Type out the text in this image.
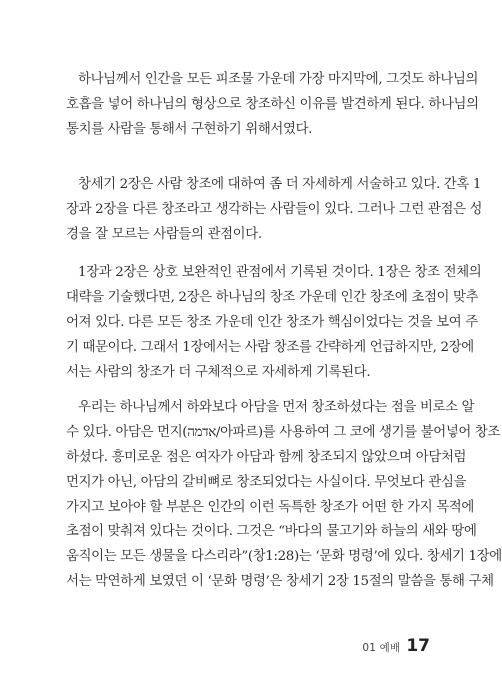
하나님께서 인간을 모든 피조물 가운데 가장 마지막에, 그것도 하나님의
호흡을 넣어 하나님의 형상으로 창조하신 이유를 발견하게 된다. 하나님의
통치를 사람을 통해서 구현하기 위해서였다.
창세기 2장은 사람 창조에 대하여 좀 더 자세하게 서술하고 있다. 간혹 1
장과 2장을 다른 창조라고 생각하는 사람들이 있다. 그러나 그런 관점은 성
경을 잘 모르는 사람들의 관점이다.
1장과 2장은 상호 보완적인 관점에서 기록된 것이다. 1장은 창조 전체의
대략을 기술했다면, 2장은 하나님의 창조 가운데 인간 창조에 초점이 맞추
어져 있다. 다른 모든 창조 가운데 인간 창조가 핵심이었다는 것을 보여 주
기 때문이다. 그래서 1장에서는 사람 창조를 간략하게 언급하지만, 2장에
서는 사람의 창조가 더 구체적으로 자세하게 기록된다.
우리는 하나님께서 하와보다 아담을 먼저 창조하셨다는 점을 비로소 알
수 있다. 아담은 먼지(אדמה/아파르)를 사용하여 그 코에 생기를 불어넣어 창조
하셨다. 흥미로운 점은 여자가 아담과 함께 창조되지 않았으며 아담처럼
먼지가 아닌, 아담의 갈비뼈로 창조되었다는 사실이다. 무엇보다 관심을
가지고 보아야 할 부분은 인간의 이런 독특한 창조가 어떤 한 가지 목적에
초점이 맞춰져 있다는 것이다. 그것은 “바다의 물고기와 하늘의 새와 땅에
움직이는 모든 생물을 다스리라”(창1:28)는 ‘문화 명령’에 있다. 창세기 1장에
서는 막연하게 보였던 이 ‘문화 명령’은 창세기 2장 15절의 말씀을 통해 구체
01 예배 17
